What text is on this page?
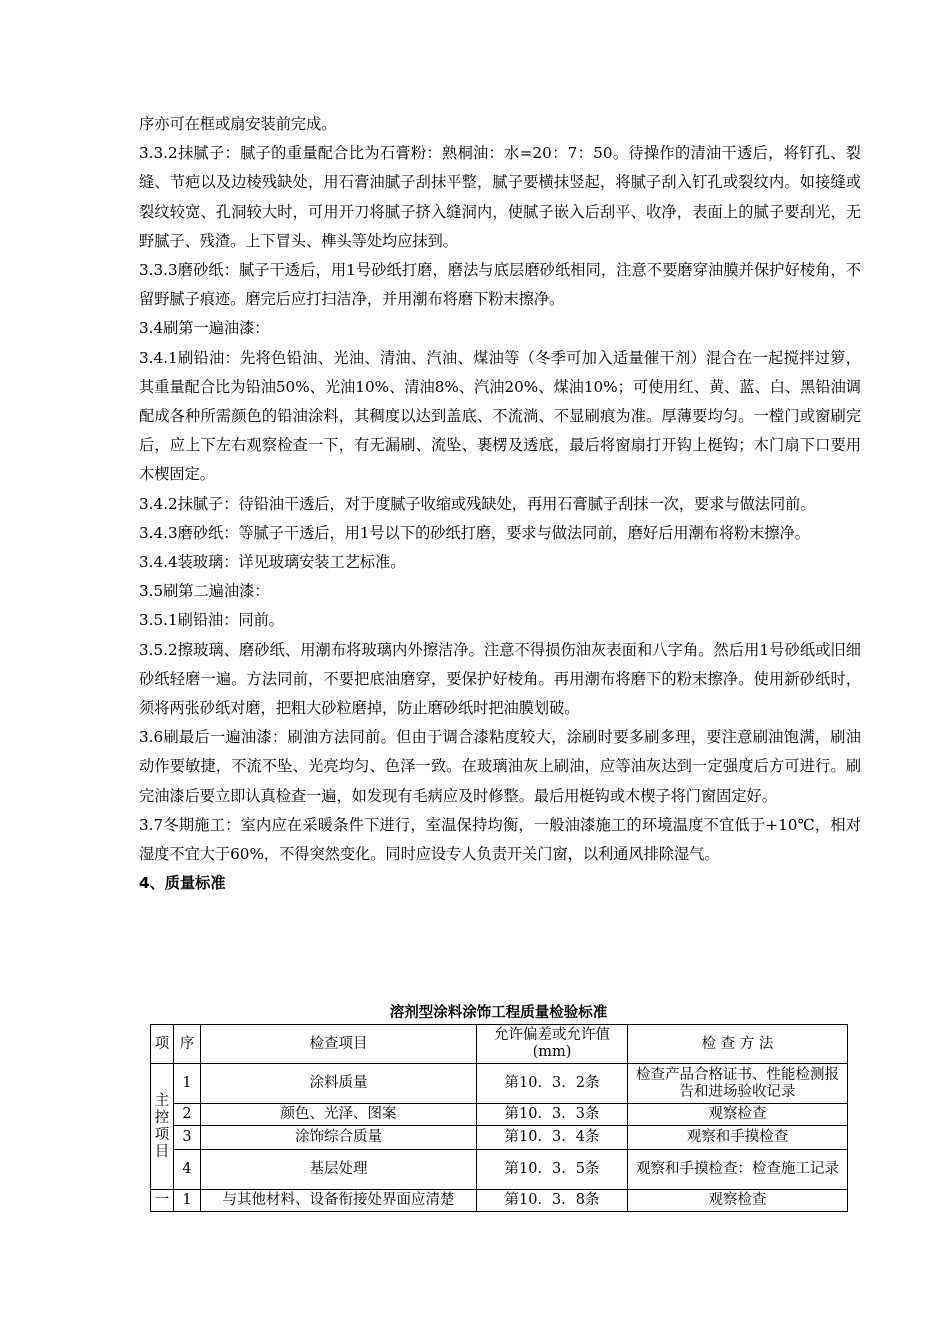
序亦可在框或扇安装前完成。

3.3.2抹腻子：腻子的重量配合比为石膏粉：熟桐油：水=20：7：50。待操作的清油干透后，将钉孔、裂缝、节疤以及边棱残缺处，用石膏油腻子刮抹平整，腻子要横抹竖起，将腻子刮入钉孔或裂纹内。如接缝或裂纹较宽、孔洞较大时，可用开刀将腻子挤入缝洞内，使腻子嵌入后刮平、收净，表面上的腻子要刮光，无野腻子、残渣。上下冒头、榫头等处均应抹到。

3.3.3磨砂纸：腻子干透后，用1号砂纸打磨，磨法与底层磨砂纸相同，注意不要磨穿油膜并保护好棱角，不留野腻子痕迹。磨完后应打扫洁净，并用潮布将磨下粉末擦净。

3.4刷第一遍油漆：

3.4.1刷铅油：先将色铅油、光油、清油、汽油、煤油等（冬季可加入适量催干剂）混合在一起搅拌过箩，其重量配合比为铅油50%、光油10%、清油8%、汽油20%、煤油10%；可使用红、黄、蓝、白、黑铅油调配成各种所需颜色的铅油涂料，其稠度以达到盖底、不流淌、不显刷痕为准。厚薄要均匀。一樘门或窗刷完后，应上下左右观察检查一下，有无漏刷、流坠、裹楞及透底，最后将窗扇打开钩上梃钩；木门扇下口要用木楔固定。

3.4.2抹腻子：待铅油干透后，对于度腻子收缩或残缺处，再用石膏腻子刮抹一次，要求与做法同前。

3.4.3磨砂纸：等腻子干透后，用1号以下的砂纸打磨，要求与做法同前，磨好后用潮布将粉末擦净。

3.4.4装玻璃：详见玻璃安装工艺标准。

3.5刷第二遍油漆：

3.5.1刷铅油：同前。

3.5.2擦玻璃、磨砂纸、用潮布将玻璃内外擦洁净。注意不得损伤油灰表面和八字角。然后用1号砂纸或旧细砂纸轻磨一遍。方法同前，不要把底油磨穿，要保护好棱角。再用潮布将磨下的粉末擦净。使用新砂纸时，须将两张砂纸对磨，把粗大砂粒磨掉，防止磨砂纸时把油膜划破。

3.6刷最后一遍油漆：刷油方法同前。但由于调合漆粘度较大，涂刷时要多刷多理，要注意刷油饱满，刷油动作要敏捷，不流不坠、光亮均匀、色泽一致。在玻璃油灰上刷油，应等油灰达到一定强度后方可进行。刷完油漆后要立即认真检查一遍，如发现有毛病应及时修整。最后用梃钩或木楔子将门窗固定好。

3.7冬期施工：室内应在采暖条件下进行，室温保持均衡，一般油漆施工的环境温度不宜低于+10℃，相对湿度不宜大于60%，不得突然变化。同时应设专人负责开关门窗，以利通风排除湿气。

4、质量标准

溶剂型涂料涂饰工程质量检验标准
项	序	检查项目	允许偏差或允许值(mm)	检 查 方 法
主控项目	1	涂料质量	第10．3．2条	检查产品合格证书、性能检测报告和进场验收记录
	2	颜色、光泽、图案	第10．3．3条	观察检查
	3	涂饰综合质量	第10．3．4条	观察和手摸检查
	4	基层处理	第10．3．5条	观察和手摸检查：检查施工记录
一	1	与其他材料、设备衔接处界面应清楚	第10．3．8条	观察检查
